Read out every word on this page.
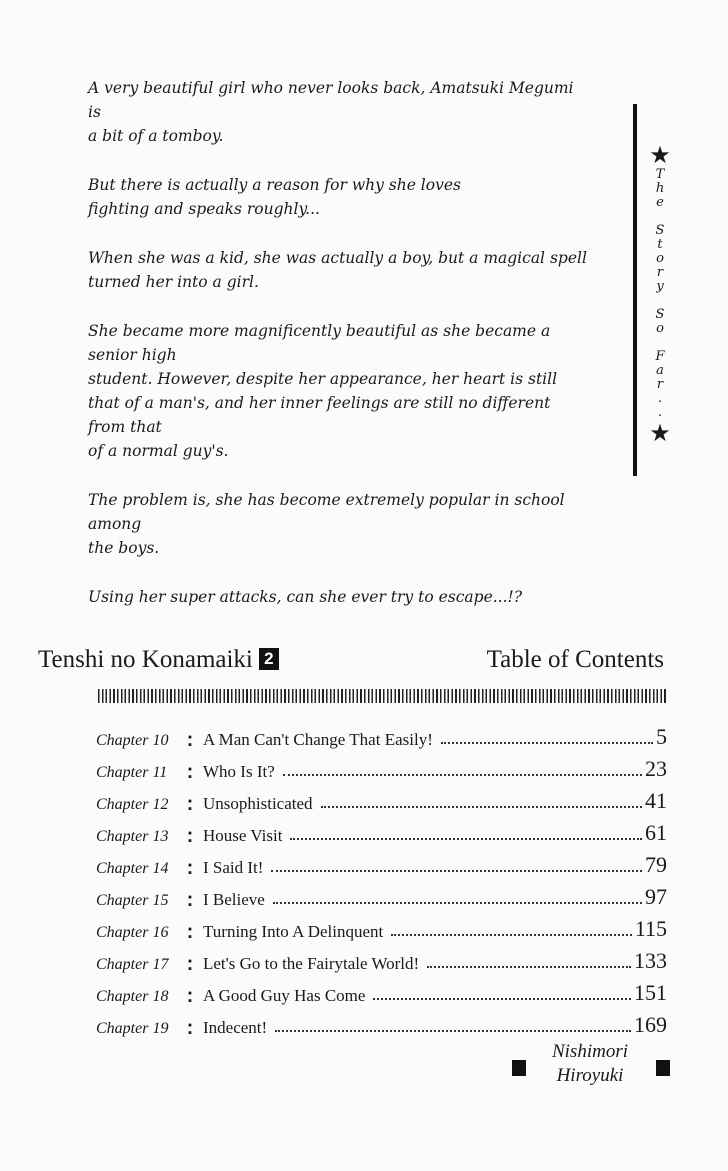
A very beautiful girl who never looks back, Amatsuki Megumi is
a bit of a tomboy.

But there is actually a reason for why she loves
fighting and speaks roughly...

When she was a kid, she was actually a boy, but a magical spell
turned her into a girl.

She became more magnificently beautiful as she became a senior high
student. However, despite her appearance, her heart is still
that of a man's, and her inner feelings are still no different from that
of a normal guy's.

The problem is, she has become extremely popular in school among
the boys.

Using her super attacks, can she ever try to escape...!?

★
T
h
e

S
t
o
r
y

S
o

F
a
r
.
.
★
Tenshi no Konamaiki 2	Table of Contents
Chapter 10 : A Man Can't Change That Easily!	5
Chapter 11 : Who Is It?	23
Chapter 12 : Unsophisticated	41
Chapter 13 : House Visit	61
Chapter 14 : I Said It!	79
Chapter 15 : I Believe	97
Chapter 16 : Turning Into A Delinquent	115
Chapter 17 : Let's Go to the Fairytale World!	133
Chapter 18 : A Good Guy Has Come	151
Chapter 19 : Indecent!	169
Nishimori
Hiroyuki
